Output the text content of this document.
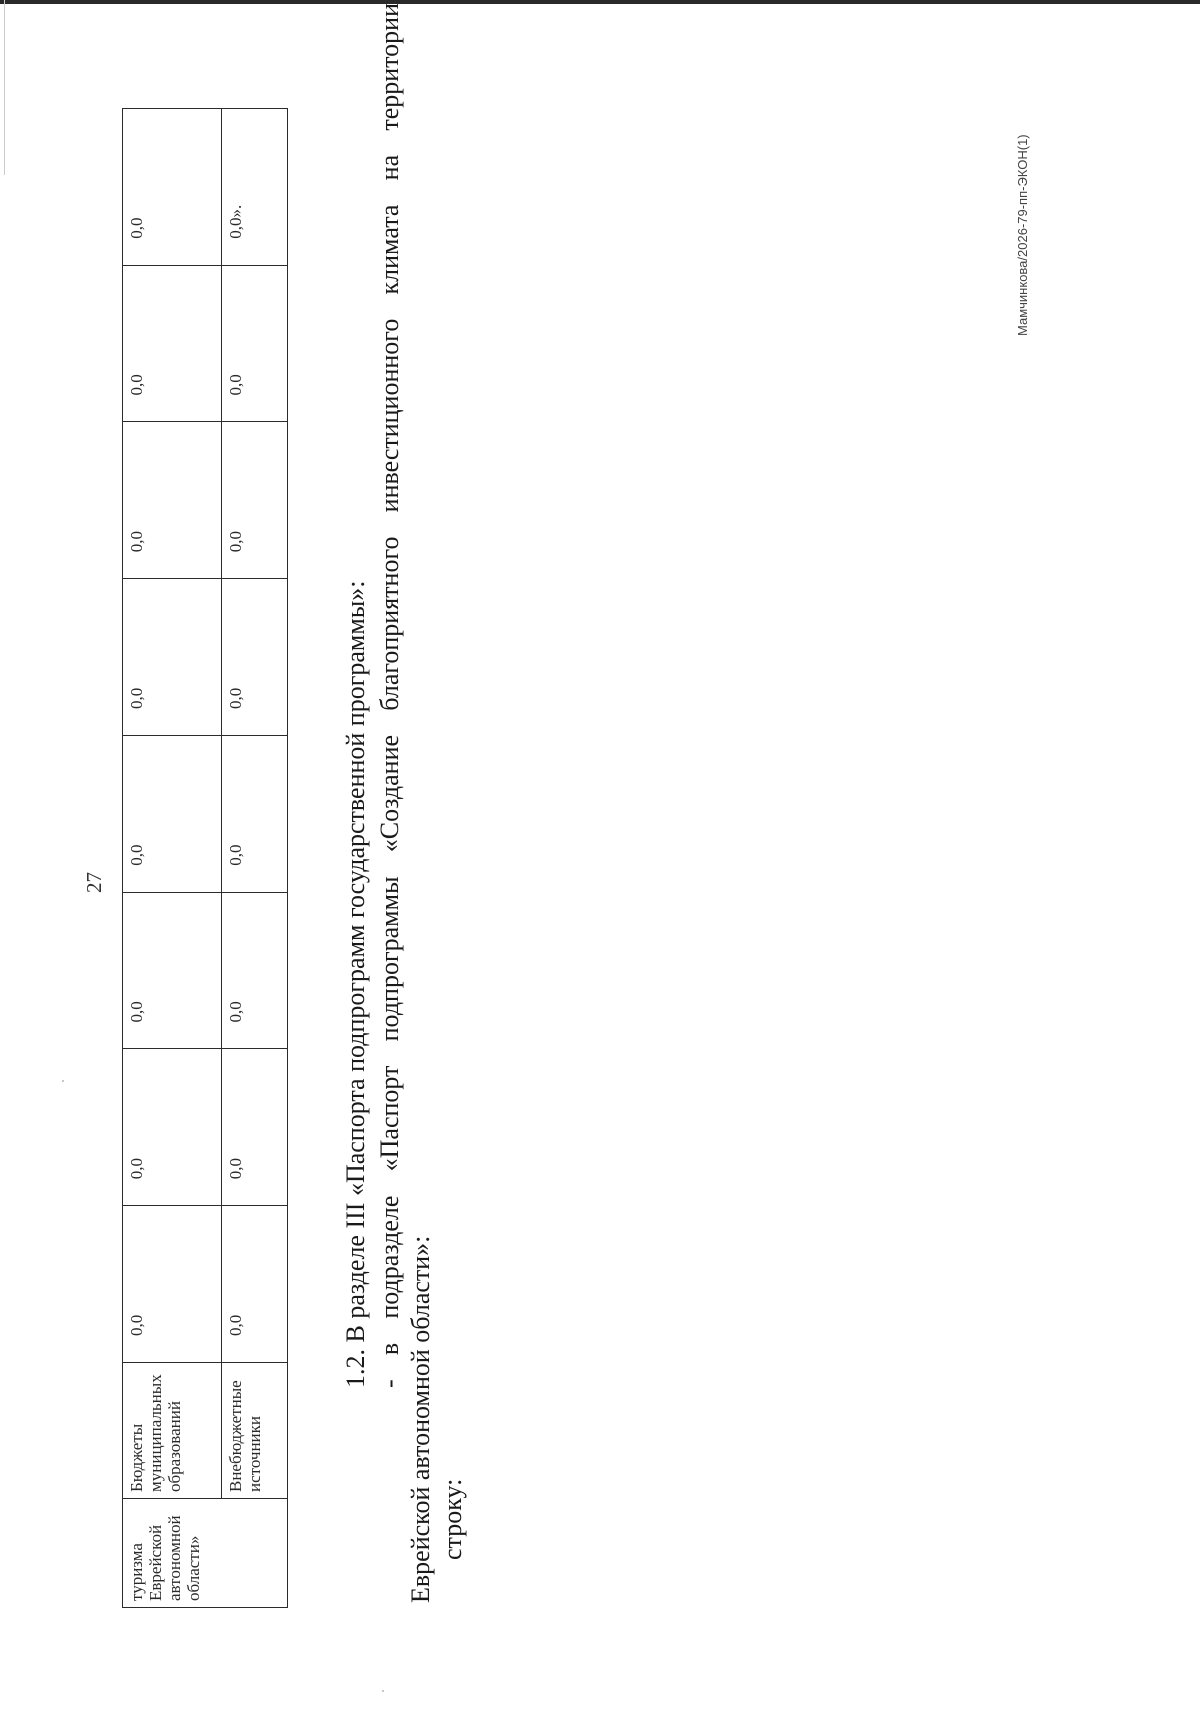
27
туризма Еврейской автономной области»	Бюджеты муниципальных образований	0,0	0,0	0,0	0,0	0,0	0,0	0,0	0,0
	Внебюджетные источники	0,0	0,0	0,0	0,0	0,0	0,0	0,0	0,0».
1.2. В разделе III «Паспорта подпрограмм государственной программы»: - в подразделе «Паспорт подпрограммы «Создание благоприятного инвестиционного климата на территории
Еврейской автономной области»: строку:
Мамчинкова/2026-79-пп-ЭКОН(1)
